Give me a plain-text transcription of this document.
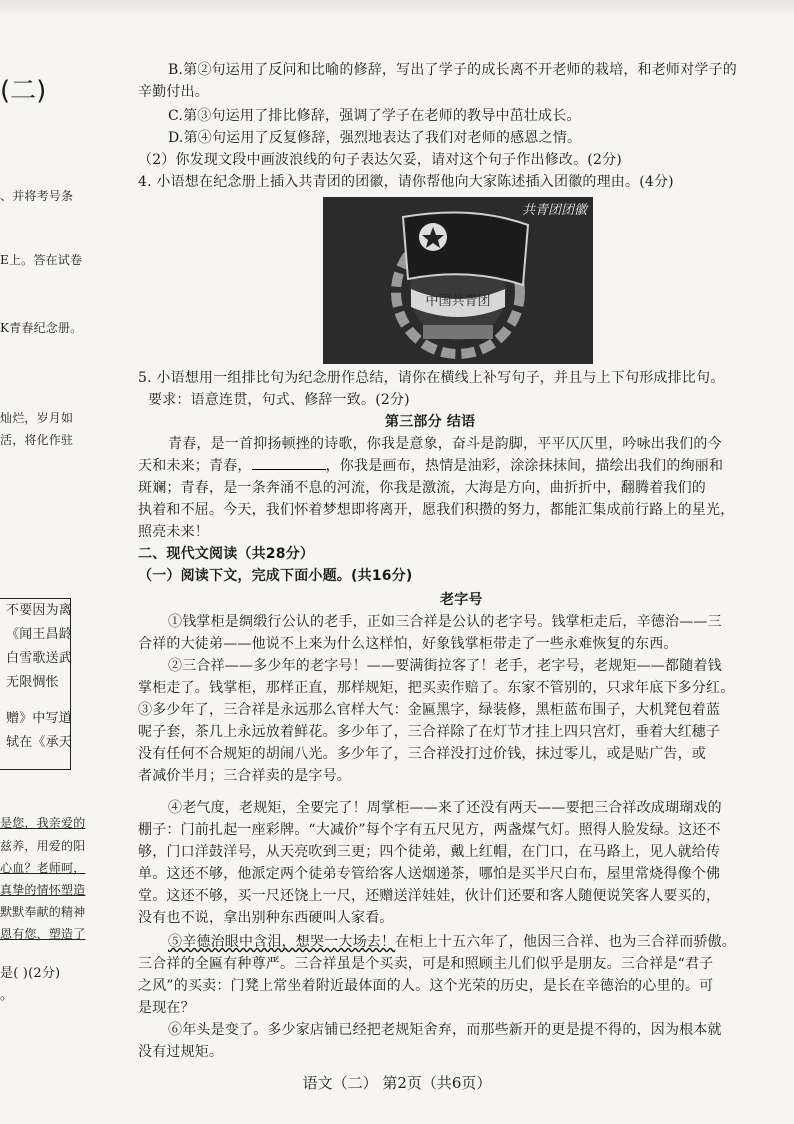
(二)
、并将考号条
E上。答在试卷
K青春纪念册。
灿烂，岁月如
活，将化作驻
不要因为离
《闻王昌龄
白雪歌送武
无限惆怅
赠》中写道
轼在《承天
是您，我亲爱的
兹养，用爱的阳
心血？老师呵，
真挚的情怀塑造
默默奉献的精神
恩有您，塑造了
是( )(2分)
。
B.第②句运用了反问和比喻的修辞，写出了学子的成长离不开老师的栽培，和老师对学子的
辛勤付出。
C.第③句运用了排比修辞，强调了学子在老师的教导中茁壮成长。
D.第④句运用了反复修辞，强烈地表达了我们对老师的感恩之情。
（2）你发现文段中画波浪线的句子表达欠妥，请对这个句子作出修改。(2分)
4. 小语想在纪念册上插入共青团的团徽，请你帮他向大家陈述插入团徽的理由。(4分)
中国共青团
共青团团徽
5. 小语想用一组排比句为纪念册作总结，请你在横线上补写句子，并且与上下句形成排比句。
要求：语意连贯，句式、修辞一致。(2分)
第三部分 结语
青春，是一首抑扬顿挫的诗歌，你我是意象，奋斗是韵脚，平平仄仄里，吟咏出我们的今
天和未来；青春，	，你我是画布，热情是油彩，涂涂抹抹间，描绘出我们的绚丽和
斑斓；青春，是一条奔涌不息的河流，你我是激流，大海是方向，曲折折中，翻腾着我们的
执着和不屈。今天，我们怀着梦想即将离开，愿我们积攒的努力，都能汇集成前行路上的星光，
照亮未来！
二、现代文阅读（共28分）
（一）阅读下文，完成下面小题。(共16分)
老字号
①钱掌柜是绸缎行公认的老手，正如三合祥是公认的老字号。钱掌柜走后，辛德治——三
合祥的大徒弟——他说不上来为什么这样怕，好象钱掌柜带走了一些永难恢复的东西。
②三合祥——多少年的老字号！——要满街拉客了！老手，老字号，老规矩——都随着钱
掌柜走了。钱掌柜，那样正直，那样规矩，把买卖作赔了。东家不管别的，只求年底下多分红。
③多少年了，三合祥是永远那么官样大气：金匾黑字，绿装修，黑柜蓝布围子，大机凳包着蓝
呢子套，茶几上永远放着鲜花。多少年了，三合祥除了在灯节才挂上四只宫灯，垂着大红穗子
没有任何不合规矩的胡闹八光。多少年了，三合祥没打过价钱，抹过零儿，或是贴广告，或
者减价半月；三合祥卖的是字号。
④老气度，老规矩，全要完了！周掌柜——来了还没有两天——要把三合祥改成瑚瑚戏的
棚子：门前扎起一座彩牌。“大减价”每个字有五尺见方，两盏煤气灯。照得人脸发绿。这还不
够，门口洋鼓洋号，从天亮吹到三更；四个徒弟，戴上红帽，在门口，在马路上，见人就给传
单。这还不够，他派定两个徒弟专管给客人送烟递茶，哪怕是买半尺白布，屋里常烧得像个佛
堂。这还不够，买一尺还饶上一尺，还赠送洋娃娃，伙计们还要和客人随便说笑客人要买的，
没有也不说，拿出别种东西硬叫人家看。
⑤辛德治眼中含泪，想哭一大场去！在柜上十五六年了，他因三合祥、也为三合祥而骄傲。
三合祥的全匾有种尊严。三合祥虽是个买卖，可是和照顾主儿们似乎是朋友。三合祥是“君子
之风”的买卖：门凳上常坐着附近最体面的人。这个光荣的历史，是长在辛德治的心里的。可
是现在？
⑥年头是变了。多少家店铺已经把老规矩舍弃，而那些新开的更是提不得的，因为根本就
没有过规矩。
语文（二） 第2页（共6页）
